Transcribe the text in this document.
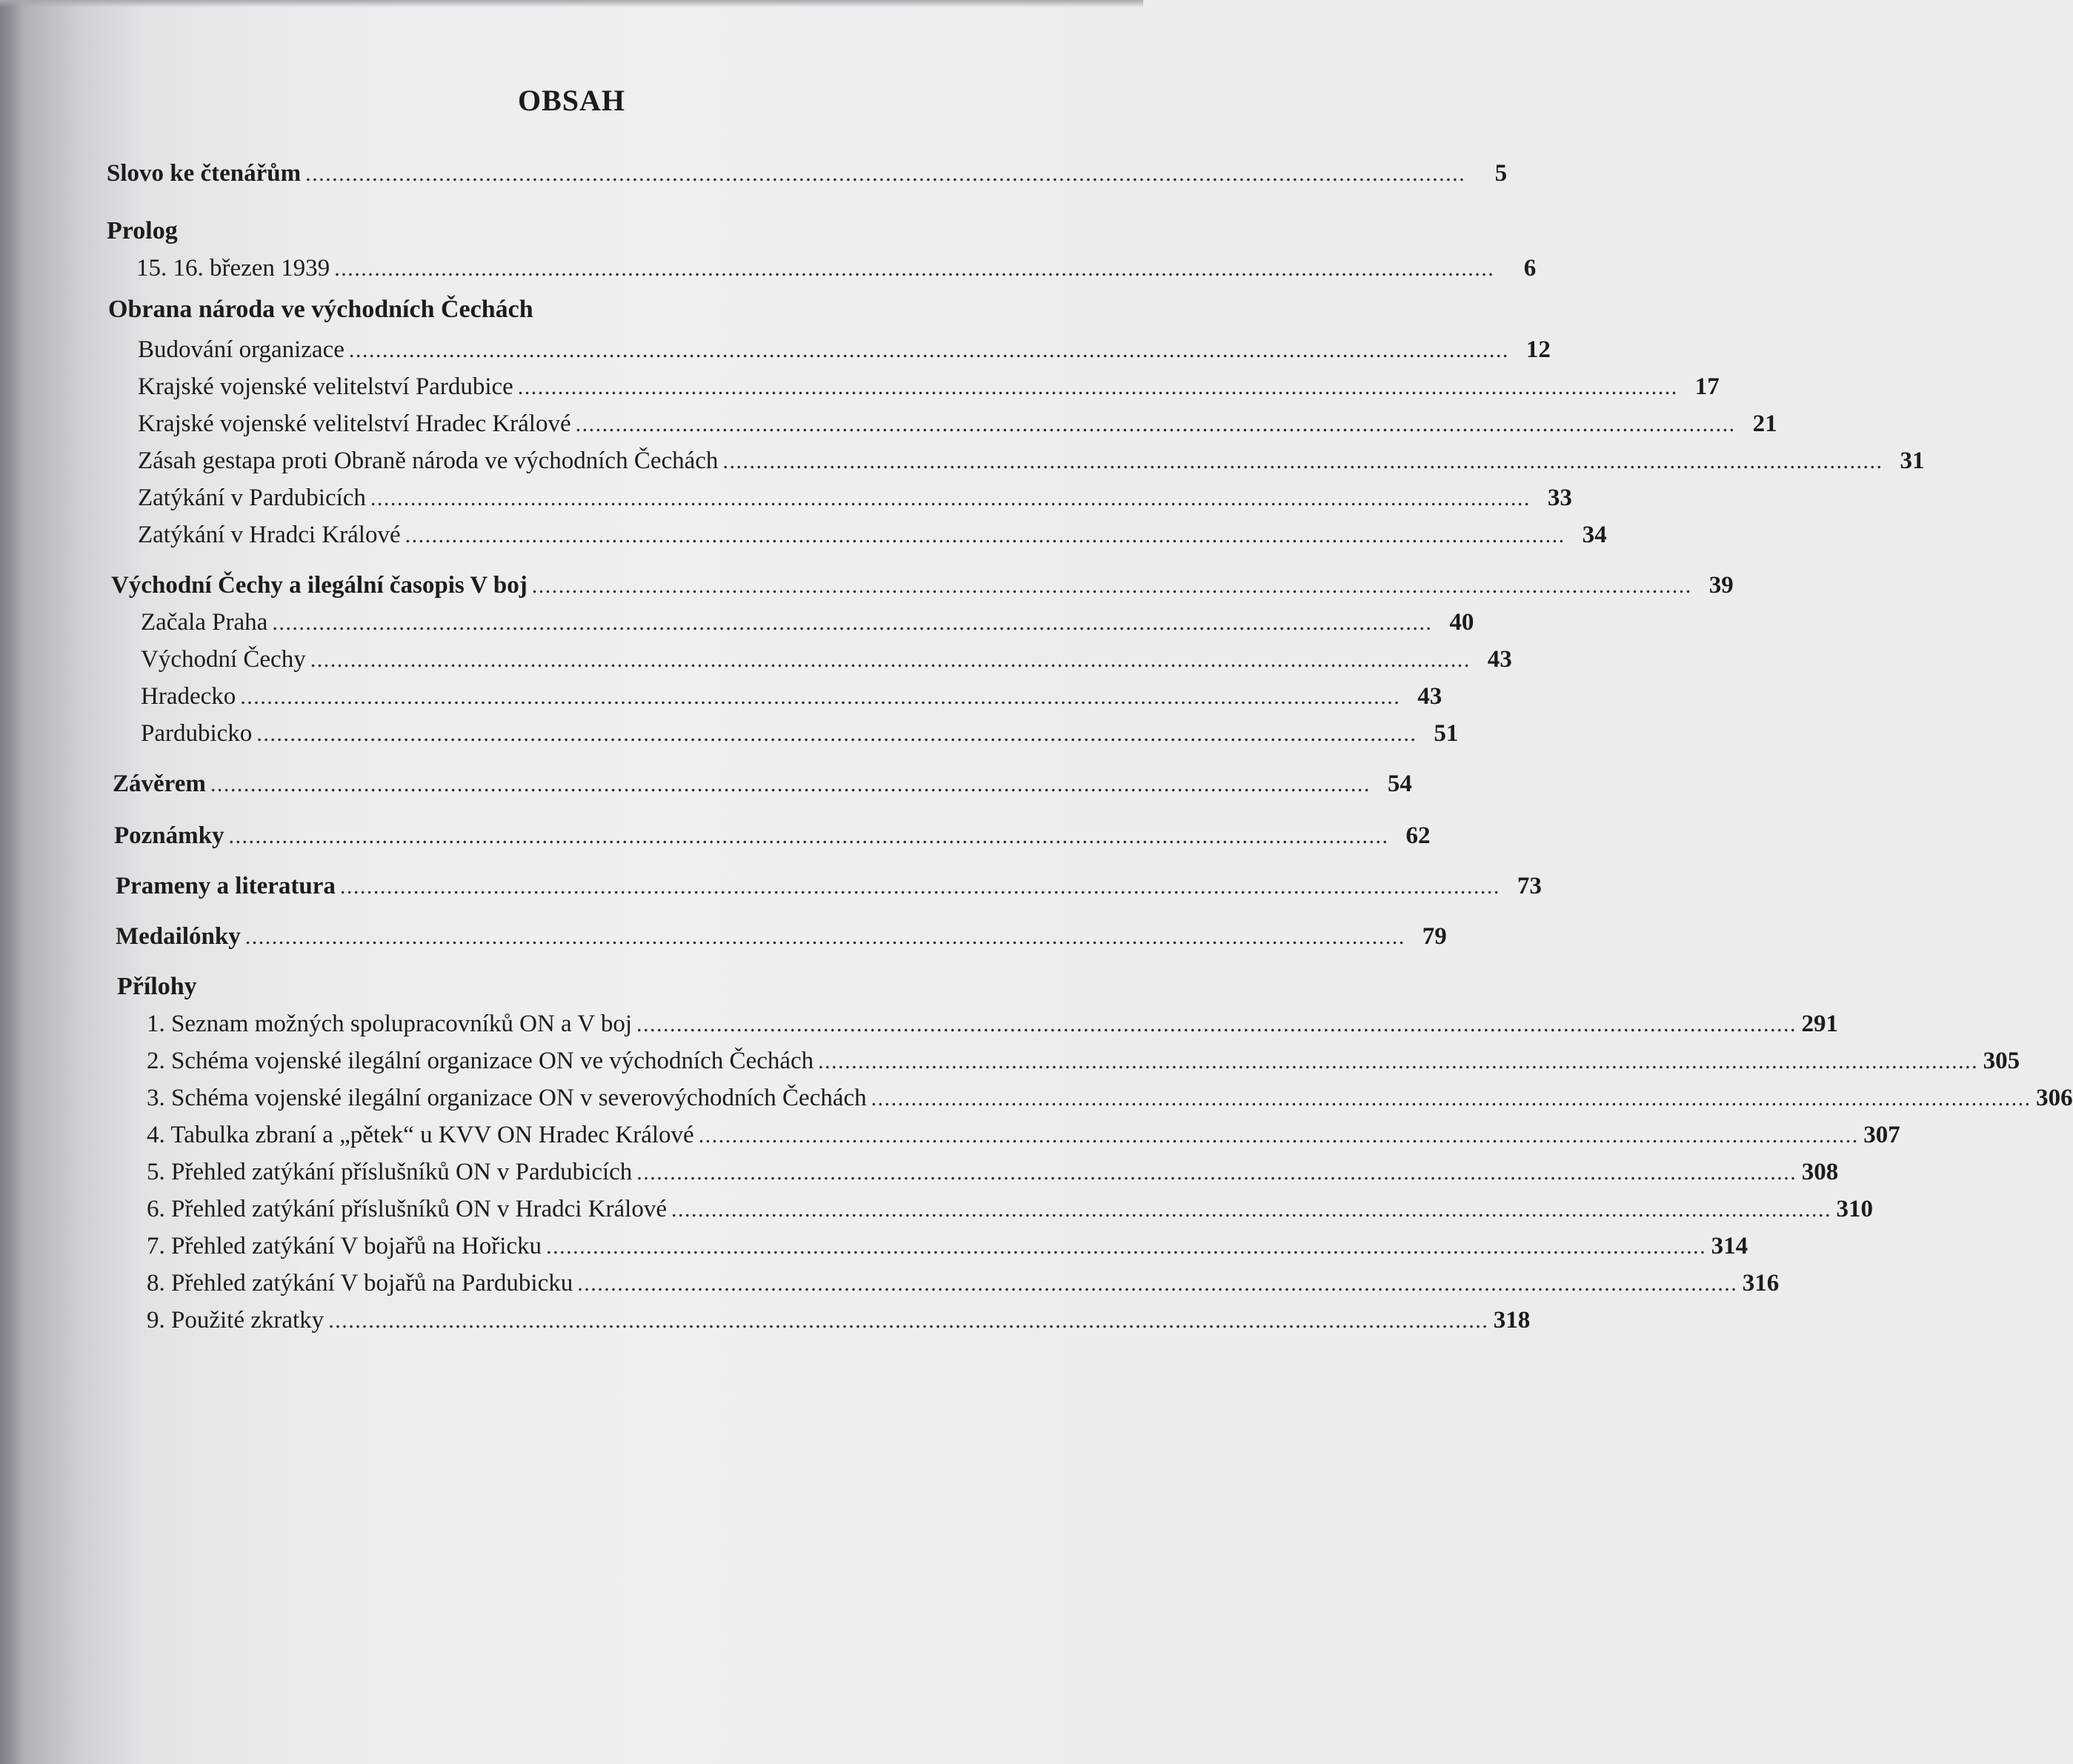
OBSAH
Slovo ke čtenářům ..............................................................................................................................................................................	5
Prolog
15. 16. březen 1939 ..............................................................................................................................................................................	6
Obrana národa ve východních Čechách
Budování organizace .............................................................................................................................................................................. 12
Krajské vojenské velitelství Pardubice .............................................................................................................................................................................. 17
Krajské vojenské velitelství Hradec Králové .............................................................................................................................................................................. 21
Zásah gestapa proti Obraně národa ve východních Čechách .............................................................................................................................................................................. 31
Zatýkání v Pardubicích .............................................................................................................................................................................. 33
Zatýkání v Hradci Králové .............................................................................................................................................................................. 34
Východní Čechy a ilegální časopis V boj .............................................................................................................................................................................. 39
Začala Praha .............................................................................................................................................................................. 40
Východní Čechy .............................................................................................................................................................................. 43
Hradecko .............................................................................................................................................................................. 43
Pardubicko .............................................................................................................................................................................. 51
Závěrem .............................................................................................................................................................................. 54
Poznámky .............................................................................................................................................................................. 62
Prameny a literatura .............................................................................................................................................................................. 73
Medailónky .............................................................................................................................................................................. 79
Přílohy
1. Seznam možných spolupracovníků ON a V boj .............................................................................................................................................................................. 291
2. Schéma vojenské ilegální organizace ON ve východních Čechách .............................................................................................................................................................................. 305
3. Schéma vojenské ilegální organizace ON v severovýchodních Čechách .............................................................................................................................................................................. 306
4. Tabulka zbraní a „pětek“ u KVV ON Hradec Králové .............................................................................................................................................................................. 307
5. Přehled zatýkání příslušníků ON v Pardubicích .............................................................................................................................................................................. 308
6. Přehled zatýkání příslušníků ON v Hradci Králové .............................................................................................................................................................................. 310
7. Přehled zatýkání V bojařů na Hořicku .............................................................................................................................................................................. 314
8. Přehled zatýkání V bojařů na Pardubicku .............................................................................................................................................................................. 316
9. Použité zkratky .............................................................................................................................................................................. 318
